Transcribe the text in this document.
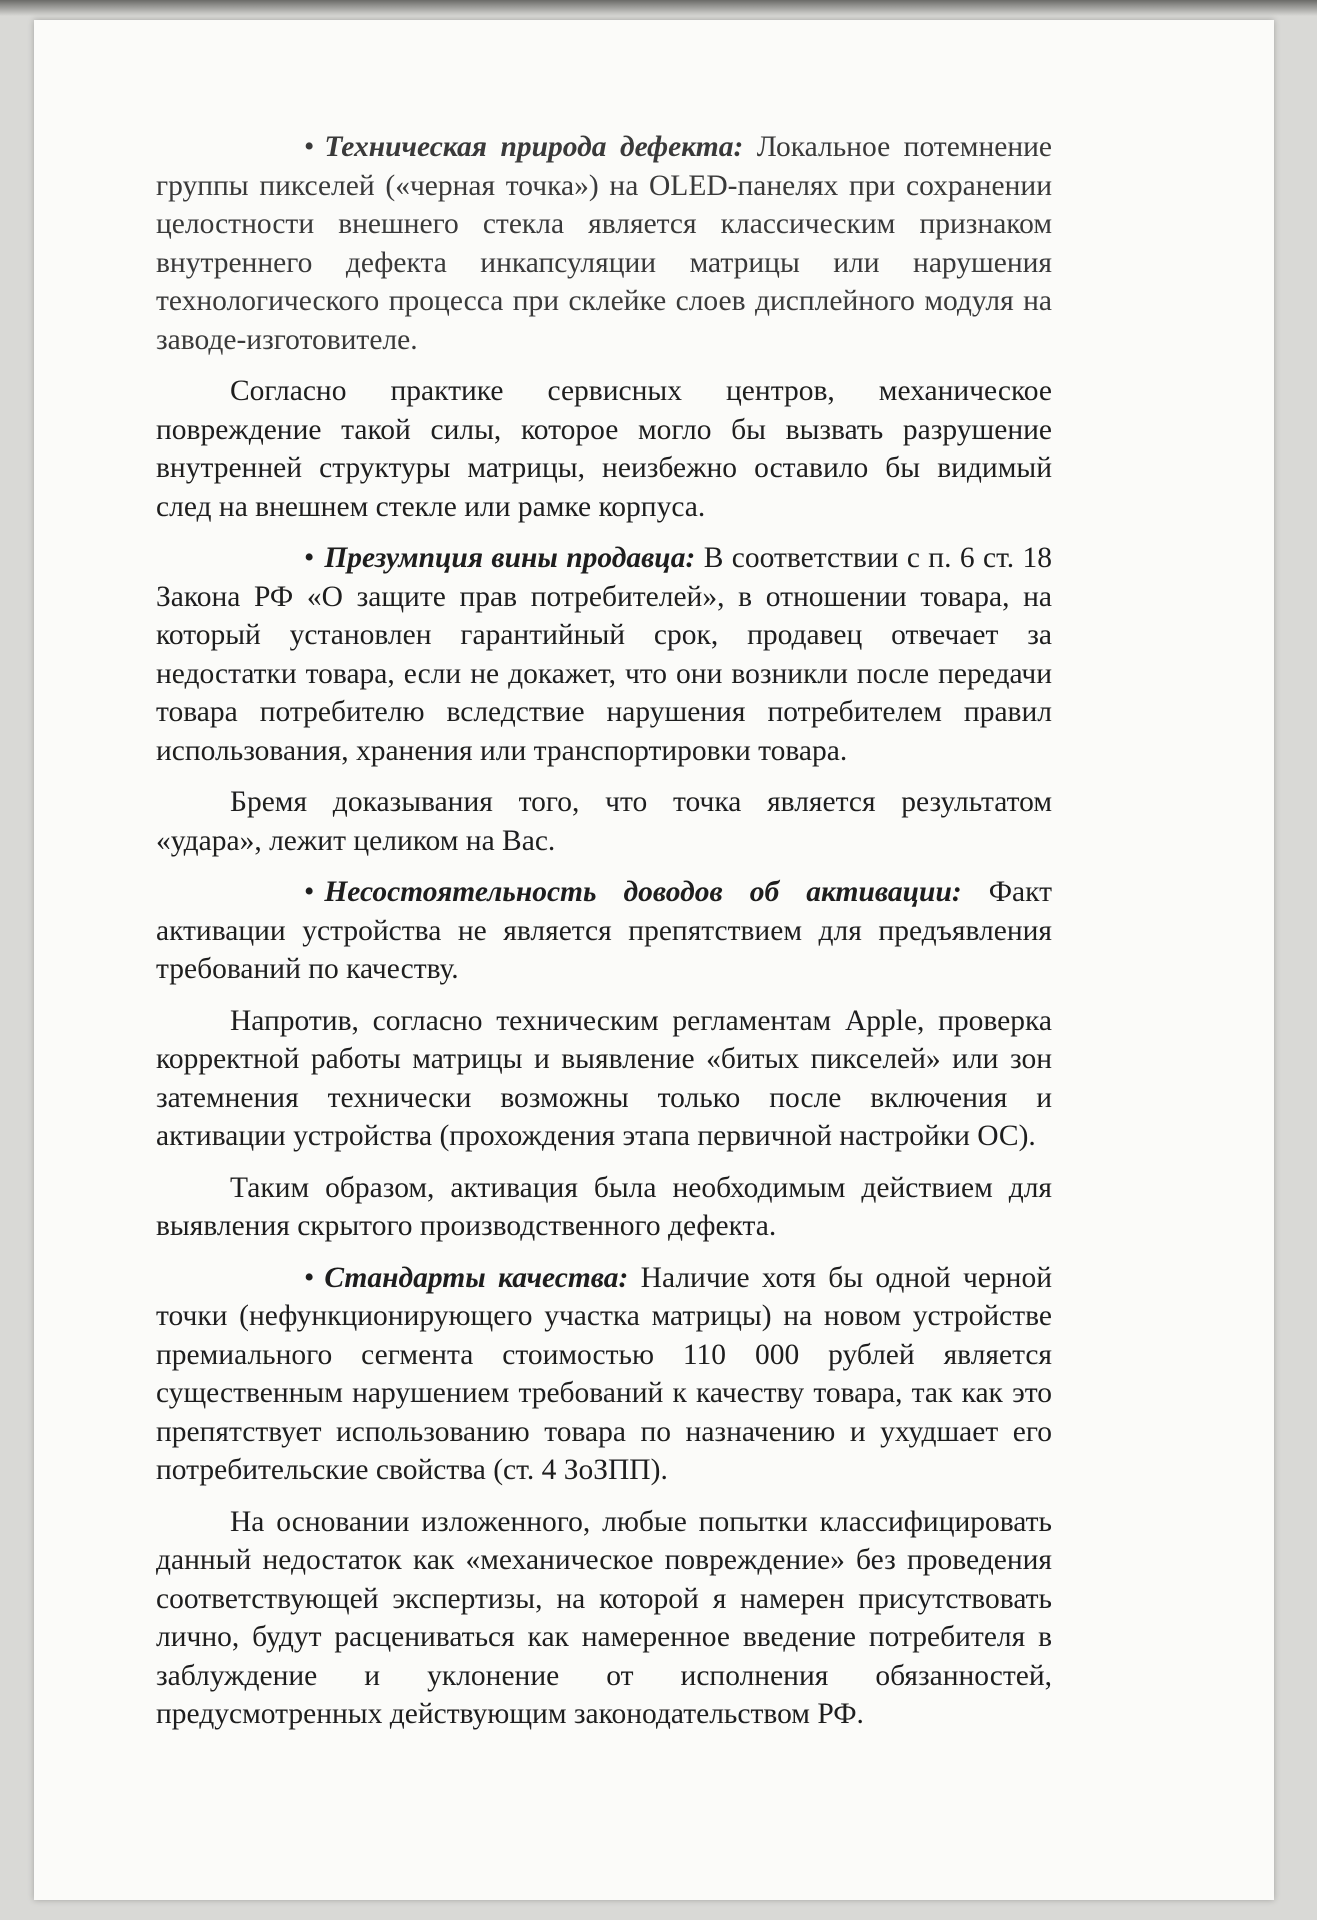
• Техническая природа дефекта: Локальное потемнение группы пикселей («черная точка») на OLED-панелях при сохранении целостности внешнего стекла является классическим признаком внутреннего дефекта инкапсуляции матрицы или нарушения технологического процесса при склейке слоев дисплейного модуля на заводе-изготовителе.

Согласно практике сервисных центров, механическое повреждение такой силы, которое могло бы вызвать разрушение внутренней структуры матрицы, неизбежно оставило бы видимый след на внешнем стекле или рамке корпуса.

• Презумпция вины продавца: В соответствии с п. 6 ст. 18 Закона РФ «О защите прав потребителей», в отношении товара, на который установлен гарантийный срок, продавец отвечает за недостатки товара, если не докажет, что они возникли после передачи товара потребителю вследствие нарушения потребителем правил использования, хранения или транспортировки товара.

Бремя доказывания того, что точка является результатом «удара», лежит целиком на Вас.

• Несостоятельность доводов об активации: Факт активации устройства не является препятствием для предъявления требований по качеству.

Напротив, согласно техническим регламентам Apple, проверка корректной работы матрицы и выявление «битых пикселей» или зон затемнения технически возможны только после включения и активации устройства (прохождения этапа первичной настройки ОС).

Таким образом, активация была необходимым действием для выявления скрытого производственного дефекта.

• Стандарты качества: Наличие хотя бы одной черной точки (нефункционирующего участка матрицы) на новом устройстве премиального сегмента стоимостью 110 000 рублей является существенным нарушением требований к качеству товара, так как это препятствует использованию товара по назначению и ухудшает его потребительские свойства (ст. 4 ЗоЗПП).

На основании изложенного, любые попытки классифицировать данный недостаток как «механическое повреждение» без проведения соответствующей экспертизы, на которой я намерен присутствовать лично, будут расцениваться как намеренное введение потребителя в заблуждение и уклонение от исполнения обязанностей, предусмотренных действующим законодательством РФ.
